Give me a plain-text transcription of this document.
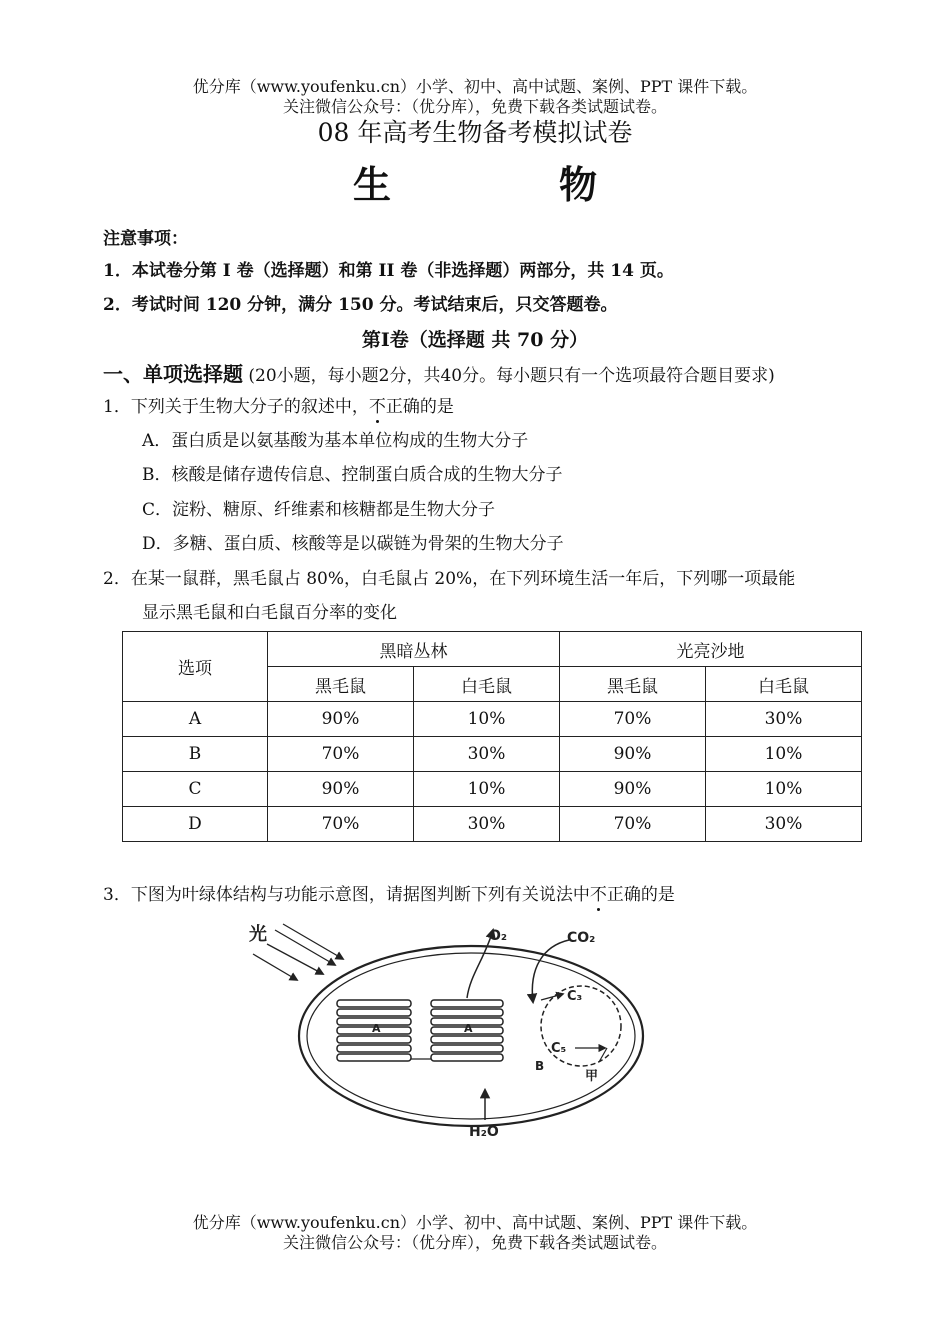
优分库（www.youfenku.cn）小学、初中、高中试题、案例、PPT 课件下载。
关注微信公众号：（优分库），免费下载各类试题试卷。
08 年高考生物备考模拟试卷
生	物
注意事项：
1．本试卷分第 I 卷（选择题）和第 II 卷（非选择题）两部分，共 14 页。
2．考试时间 120 分钟，满分 150 分。考试结束后，只交答题卷。
第Ⅰ卷（选择题 共 70 分）
一、单项选择题 (20小题，每小题2分，共40分。每小题只有一个选项最符合题目要求)
1．下列关于生物大分子的叙述中，不正确的是
A．蛋白质是以氨基酸为基本单位构成的生物大分子
B．核酸是储存遗传信息、控制蛋白质合成的生物大分子
C．淀粉、糖原、纤维素和核糖都是生物大分子
D．多糖、蛋白质、核酸等是以碳链为骨架的生物大分子
2．在某一鼠群，黑毛鼠占 80%，白毛鼠占 20%，在下列环境生活一年后，下列哪一项最能
显示黑毛鼠和白毛鼠百分率的变化
选项	黑暗丛林		光亮沙地	
	黑毛鼠	白毛鼠	黑毛鼠	白毛鼠
A	90%	10%	70%	30%
B	70%	30%	90%	10%
C	90%	10%	90%	10%
D	70%	30%	70%	30%
3．下图为叶绿体结构与功能示意图，请据图判断下列有关说法中不正确的是
光
A	A
O₂	CO₂
C₃
C₅
B
甲
H₂O
优分库（www.youfenku.cn）小学、初中、高中试题、案例、PPT 课件下载。
关注微信公众号：（优分库），免费下载各类试题试卷。
